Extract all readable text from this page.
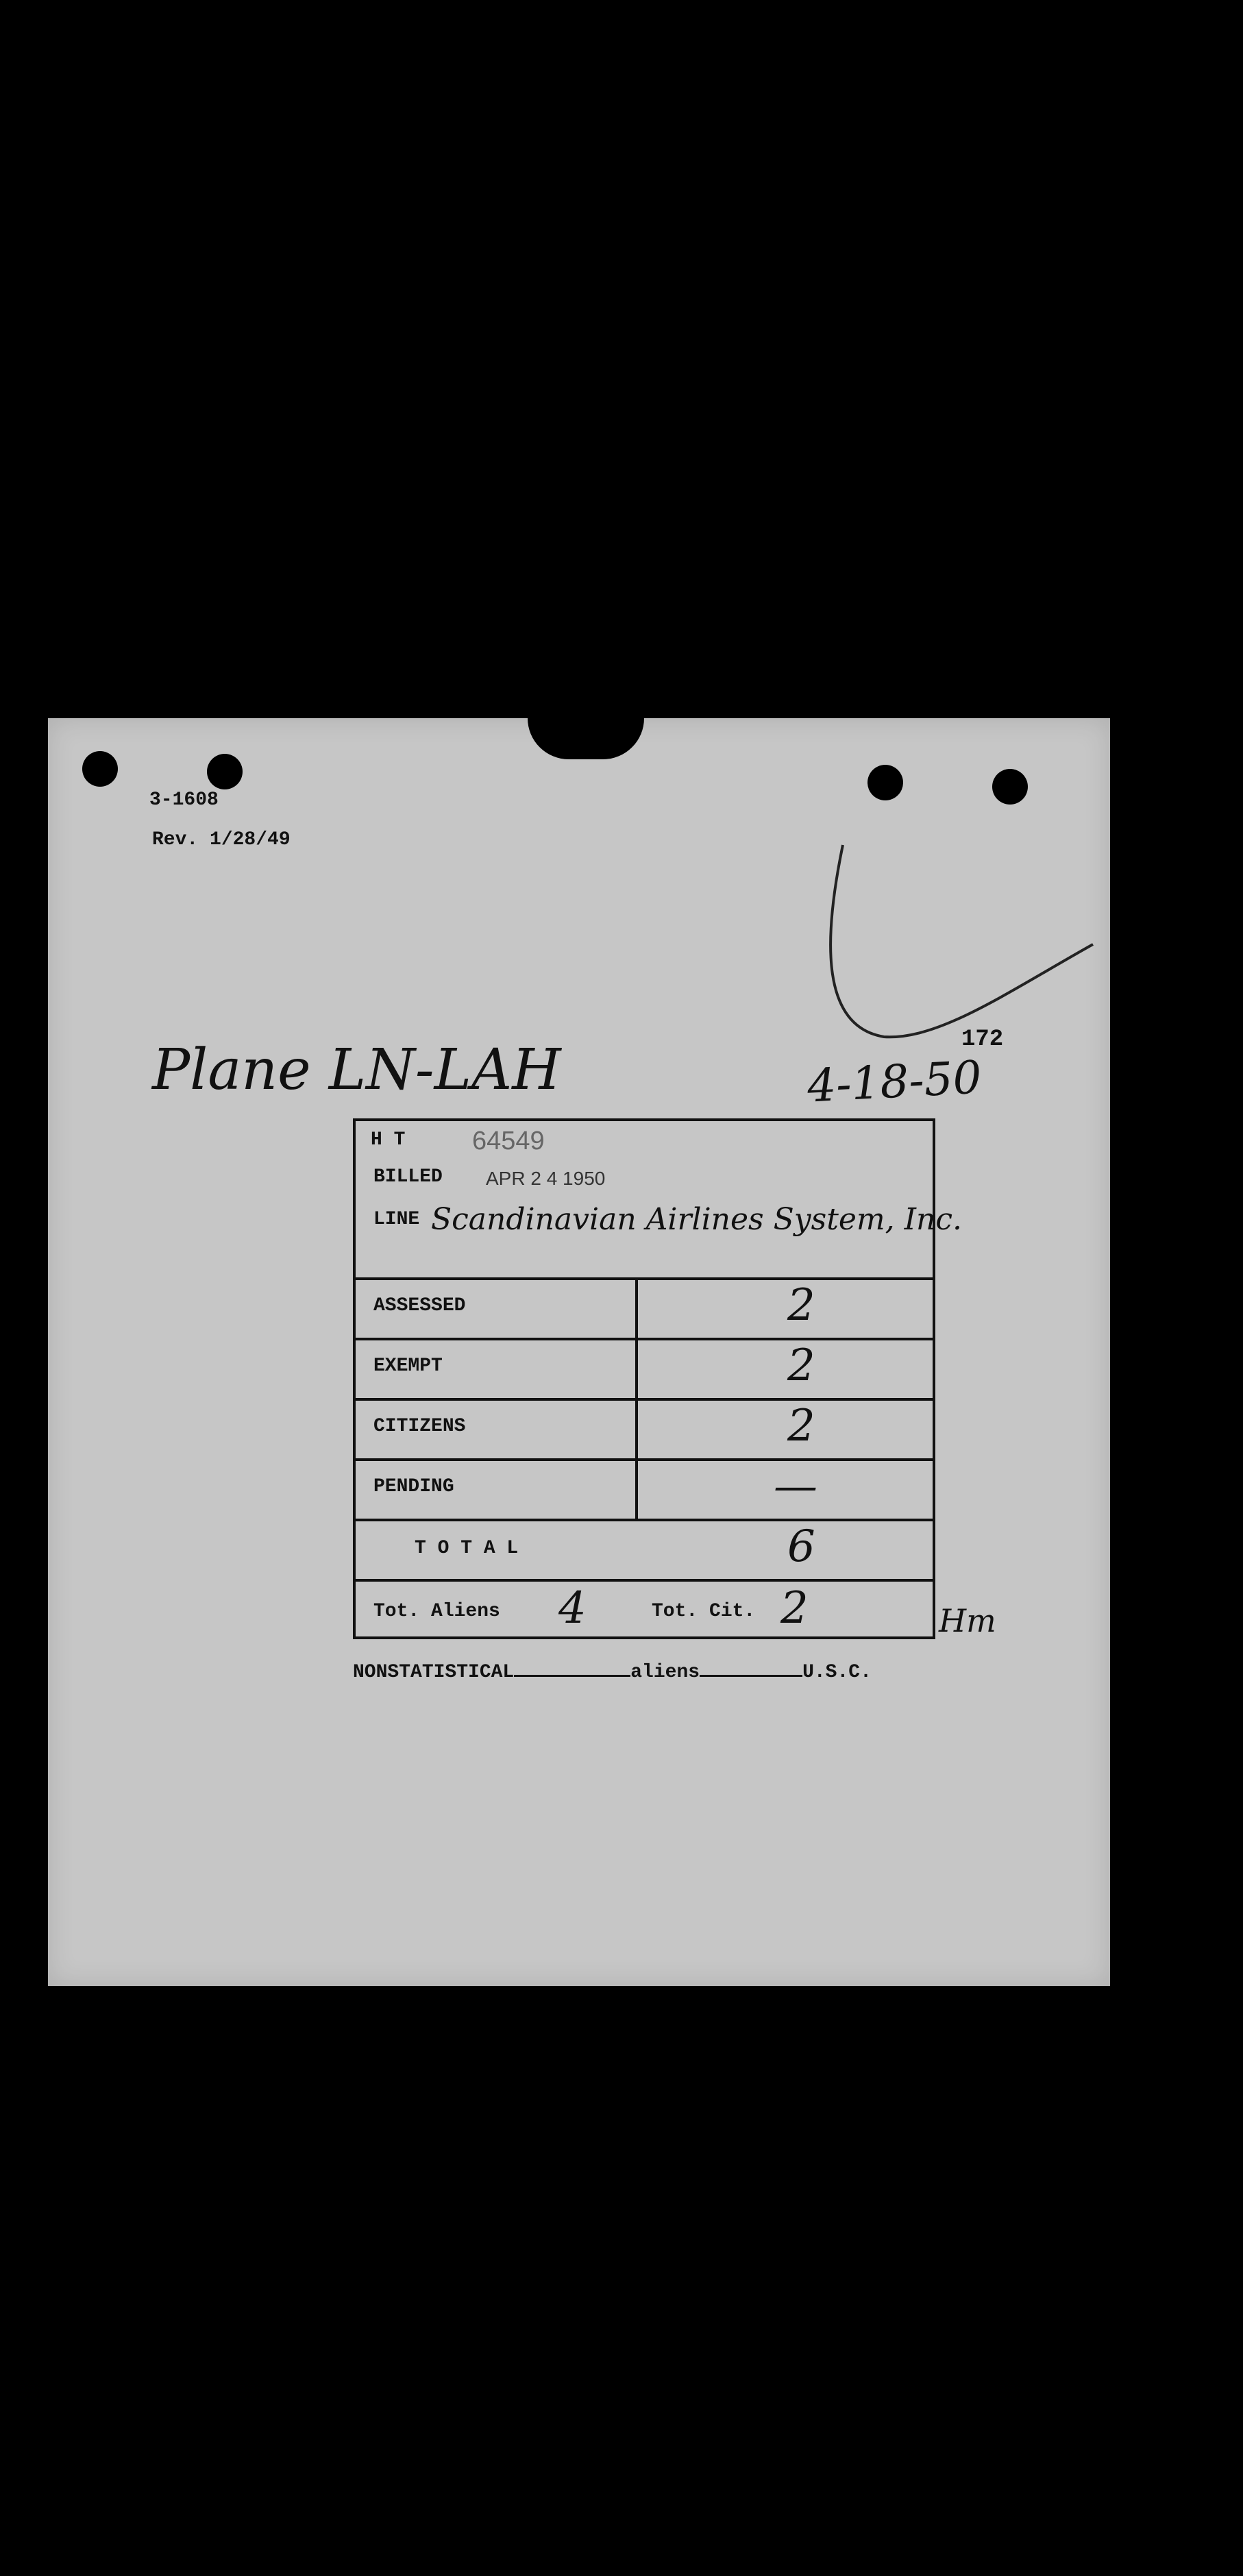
3-1608
Rev. 1/28/49
Plane LN-LAH	172
4-18-50
H T	64549
BILLED APR 2 4 1950
LINE Scandinavian Airlines System, Inc.
ASSESSED	2
EXEMPT	2
CITIZENS	2
PENDING	—
T O T A L	6
Tot. Aliens 4	Tot. Cit. 2	Hm
NONSTATISTICAL	aliens	U.S.C.
